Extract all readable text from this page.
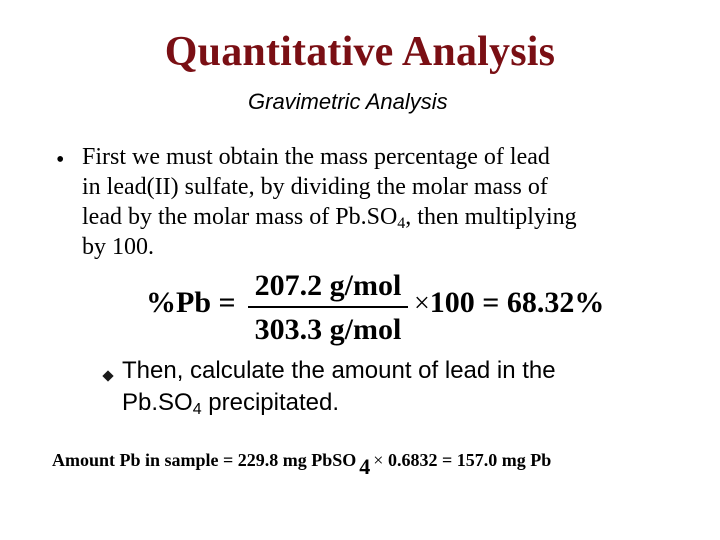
Quantitative Analysis
Gravimetric Analysis
• First we must obtain the mass percentage of lead
in lead(II) sulfate, by dividing the molar mass of
lead by the molar mass of $Pb.SO_4$, then multiplying
by 100.
%Pb =
207.2 g/mol
303.3 g/mol
×100 = 68.32%
Then, calculate the amount of lead in the
$Pb.SO_4$ precipitated.
Amount Pb in sample = 229.8 mg PbSO 4 × 0.6832 = 157.0 mg Pb
